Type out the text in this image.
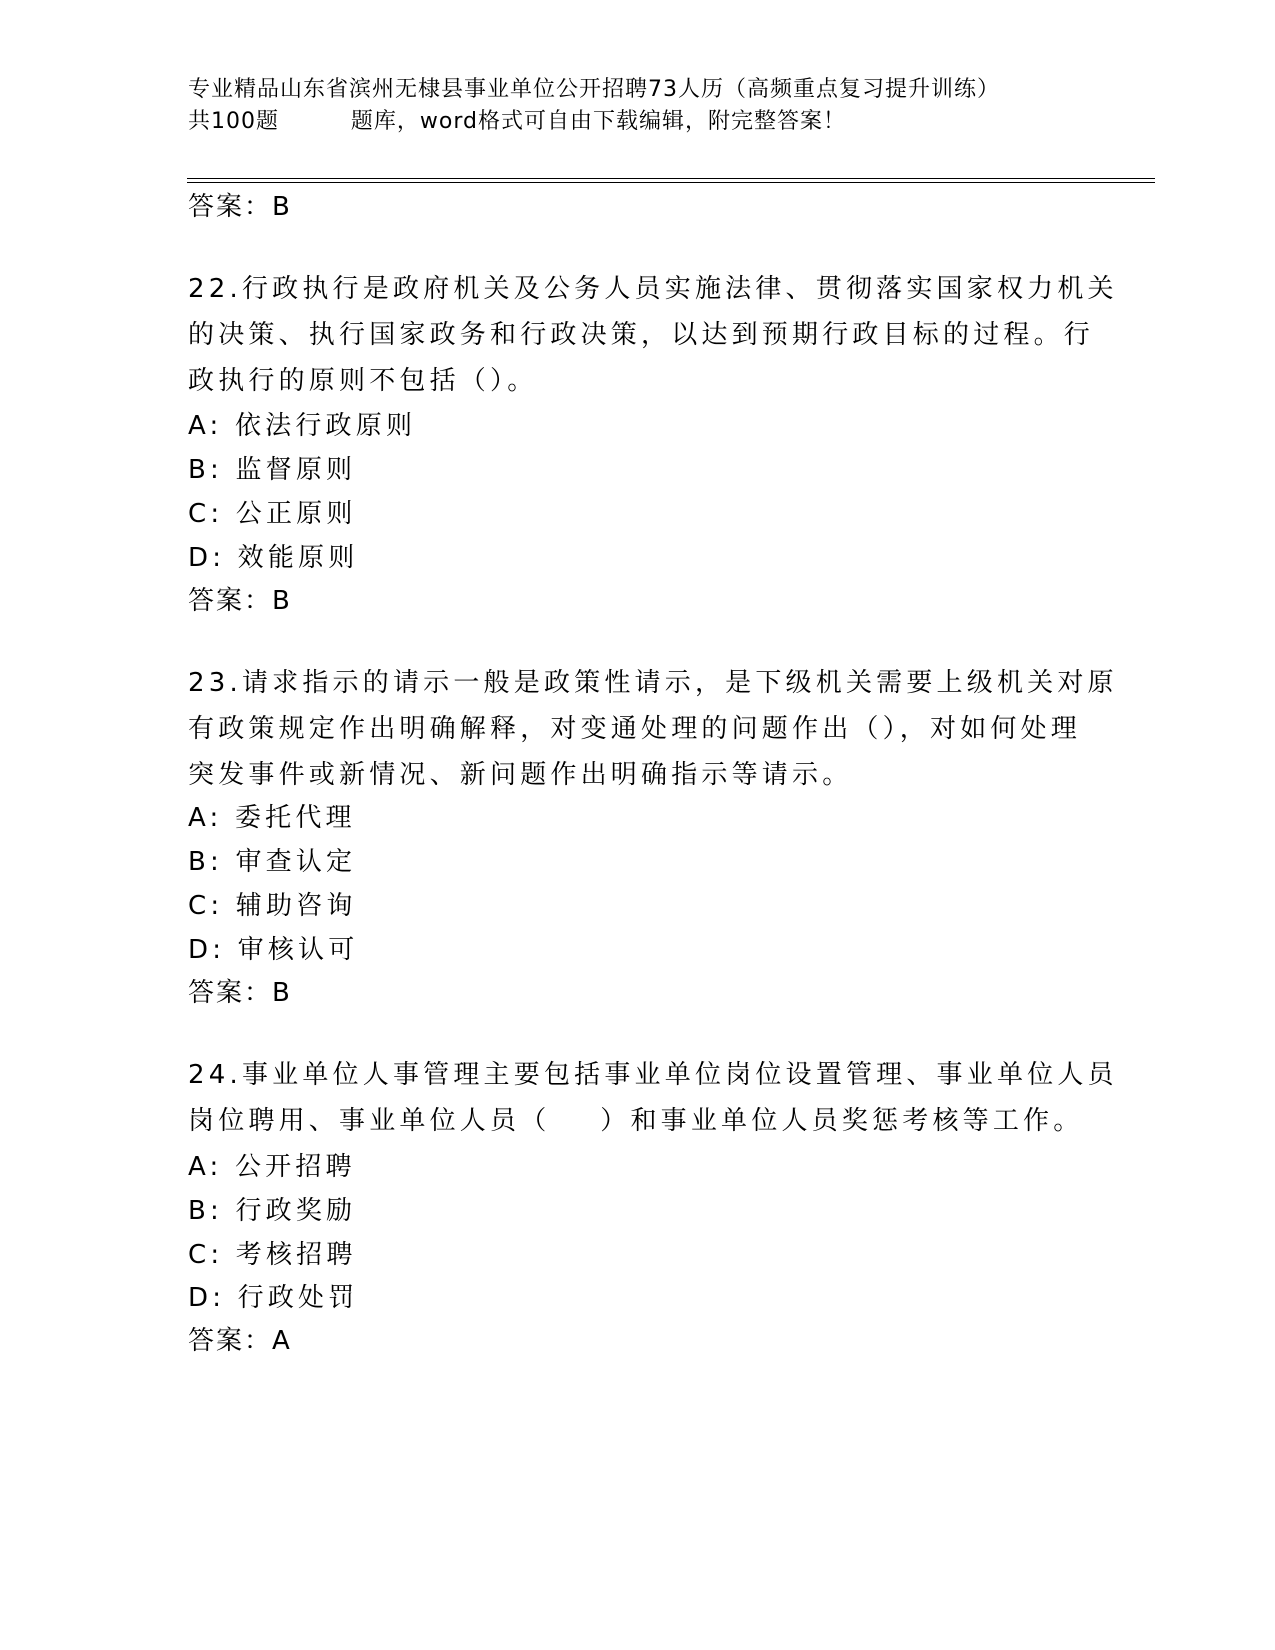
专业精品山东省滨州无棣县事业单位公开招聘73人历（高频重点复习提升训练）
共100题         题库，word格式可自由下载编辑，附完整答案！
答案：B
22.行政执行是政府机关及公务人员实施法律、贯彻落实国家权力机关
的决策、执行国家政务和行政决策，以达到预期行政目标的过程。行
政执行的原则不包括（）。
A: 依法行政原则
B: 监督原则
C: 公正原则
D: 效能原则
答案：B
23.请求指示的请示一般是政策性请示，是下级机关需要上级机关对原
有政策规定作出明确解释，对变通处理的问题作出（），对如何处理
突发事件或新情况、新问题作出明确指示等请示。
A: 委托代理
B: 审查认定
C: 辅助咨询
D: 审核认可
答案：B
24.事业单位人事管理主要包括事业单位岗位设置管理、事业单位人员
岗位聘用、事业单位人员（    ）和事业单位人员奖惩考核等工作。
A: 公开招聘
B: 行政奖励
C: 考核招聘
D: 行政处罚
答案：A
